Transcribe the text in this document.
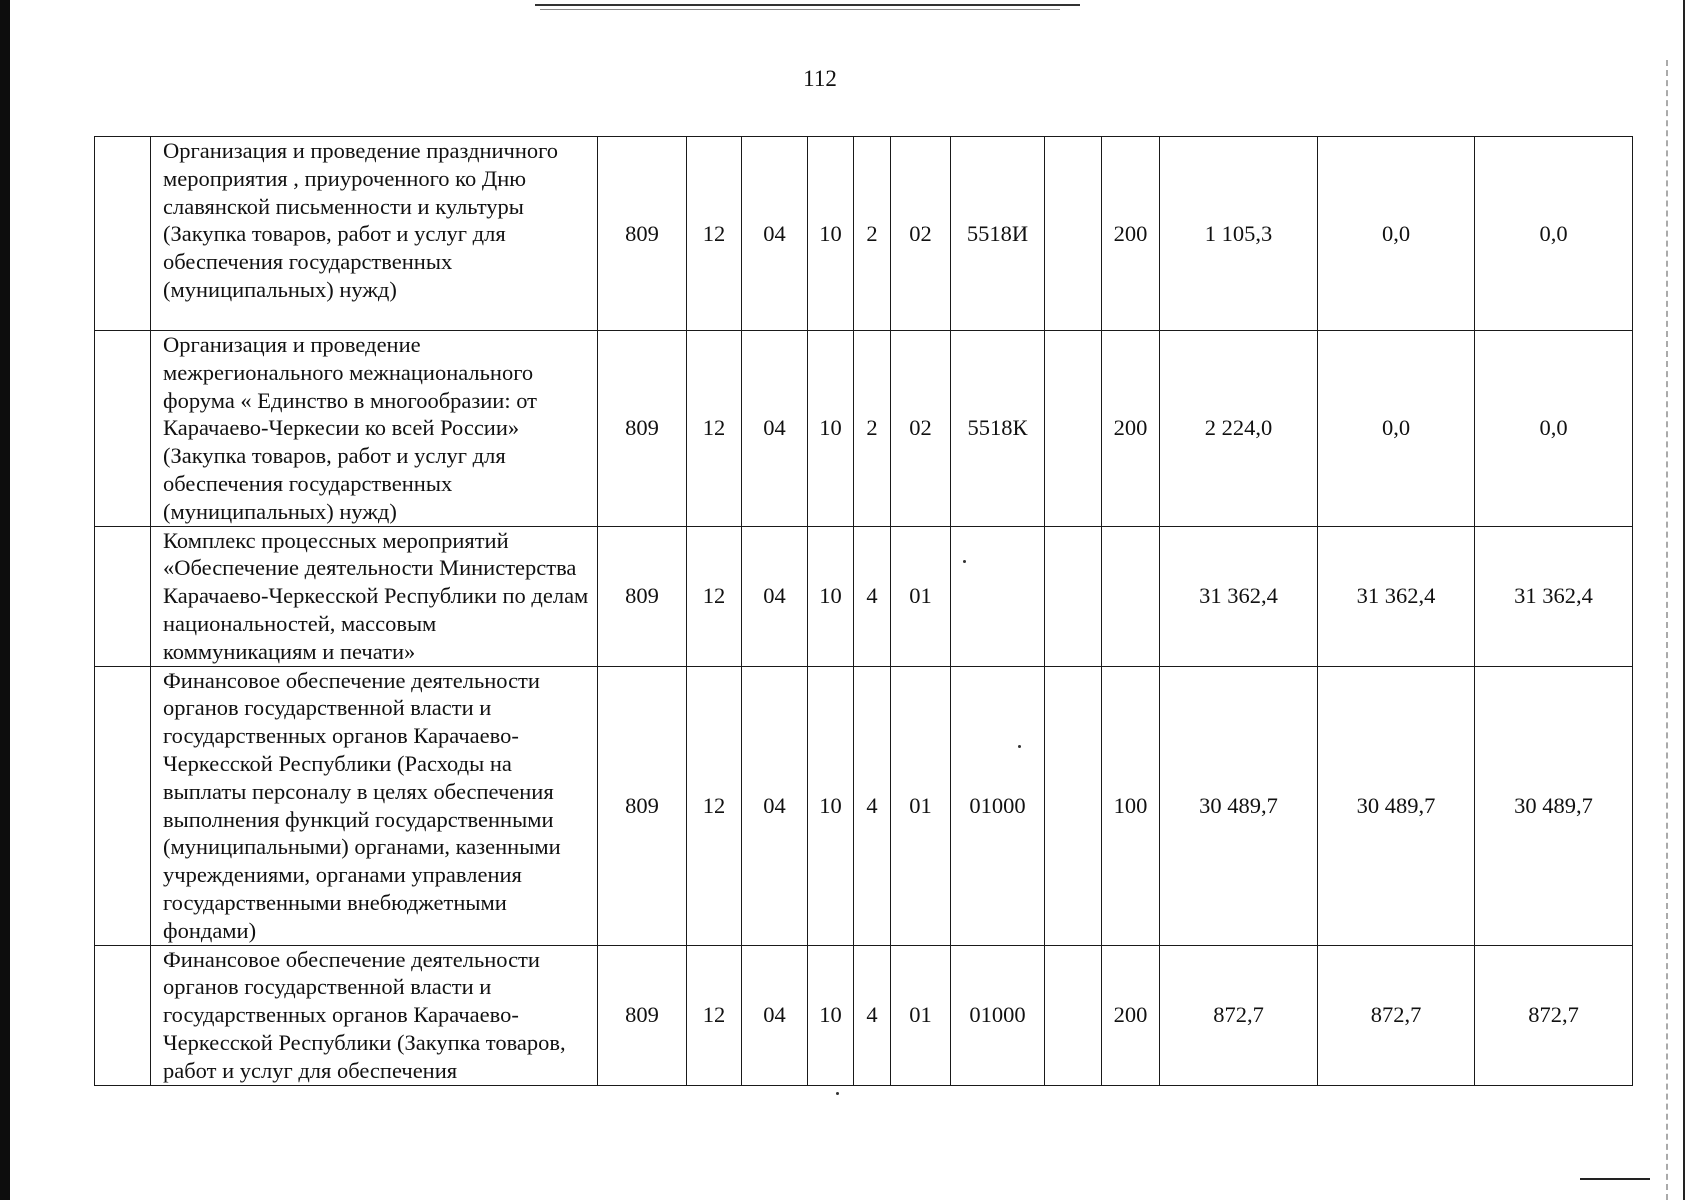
112
	Организация и проведение праздничного мероприятия , приуроченного ко Дню славянской письменности и культуры (Закупка товаров, работ и услуг для обеспечения государственных (муниципальных) нужд)	809	12	04	10	2	02	5518И		200	1 105,3	0,0	0,0
	Организация и проведение межрегионального межнационального форума « Единство в многообразии: от Карачаево-Черкесии ко всей России» (Закупка товаров, работ и услуг для обеспечения государственных (муниципальных) нужд)	809	12	04	10	2	02	5518К		200	2 224,0	0,0	0,0
	Комплекс процессных мероприятий «Обеспечение деятельности Министерства Карачаево-Черкесской Республики по делам национальностей, массовым коммуникациям и печати»	809	12	04	10	4	01				31 362,4	31 362,4	31 362,4
	Финансовое обеспечение деятельности органов государственной власти и государственных органов Карачаево-Черкесской Республики (Расходы на выплаты персоналу в целях обеспечения выполнения функций государственными (муниципальными) органами, казенными учреждениями, органами управления государственными внебюджетными фондами)	809	12	04	10	4	01	01000		100	30 489,7	30 489,7	30 489,7
	Финансовое обеспечение деятельности органов государственной власти и государственных органов Карачаево-Черкесской Республики (Закупка товаров, работ и услуг для обеспечения	809	12	04	10	4	01	01000		200	872,7	872,7	872,7
